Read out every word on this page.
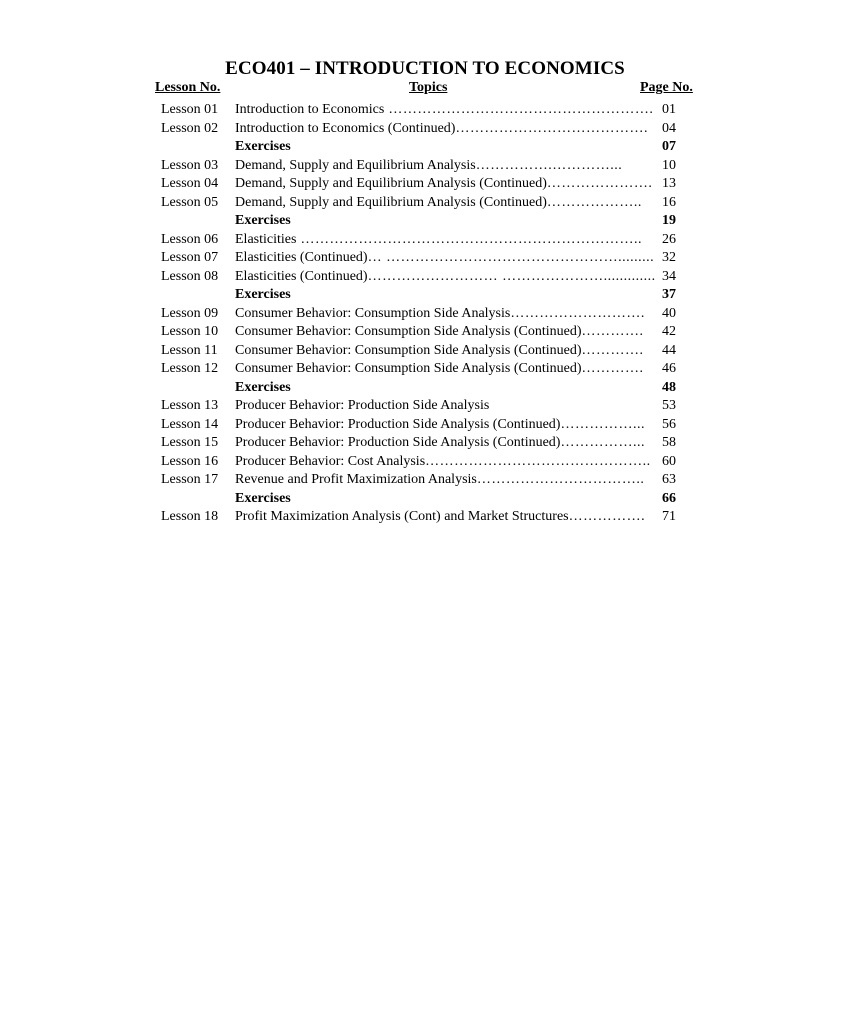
ECO401 – INTRODUCTION TO ECONOMICS
Lesson No.	Topics	Page No.
Lesson 01 Introduction to Economics ………………………………………………. 01
Lesson 02 Introduction to Economics (Continued)………………………………….	04
Exercises	07
Lesson 03 Demand, Supply and Equilibrium Analysis…………….…………...	10
Lesson 04 Demand, Supply and Equilibrium Analysis (Continued)…………………. 13
Lesson 05 Demand, Supply and Equilibrium Analysis (Continued)………………..	16
Exercises	19
Lesson 06 Elasticities ……………………………………………………………..	26
Lesson 07 Elasticities (Continued)… …………………………………………......... 32
Lesson 08 Elasticities (Continued)……………………… …………………............. 34
Exercises	37
Lesson 09 Consumer Behavior: Consumption Side Analysis……………………….	40
Lesson 10 Consumer Behavior: Consumption Side Analysis (Continued)………….	42
Lesson 11 Consumer Behavior: Consumption Side Analysis (Continued)………….	44
Lesson 12 Consumer Behavior: Consumption Side Analysis (Continued)………….	46
Exercises	48
Lesson 13 Producer Behavior: Production Side Analysis	53
Lesson 14 Producer Behavior: Production Side Analysis (Continued)……………...	56
Lesson 15 Producer Behavior: Production Side Analysis (Continued)……………...	58
Lesson 16 Producer Behavior: Cost Analysis……………………………………….. 60
Lesson 17 Revenue and Profit Maximization Analysis……………………………..	63
Exercises	66
Lesson 18 Profit Maximization Analysis (Cont) and Market Structures…………….	71
